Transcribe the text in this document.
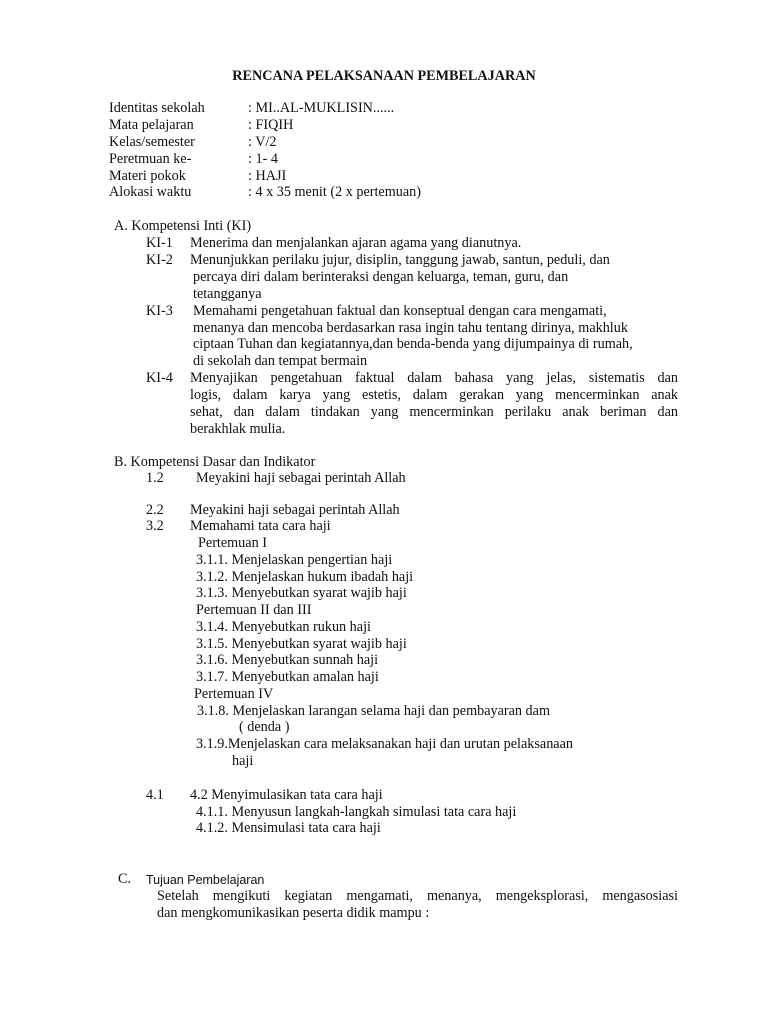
RENCANA PELAKSANAAN PEMBELAJARAN
Identitas sekolah	: MI..AL-MUKLISIN......
Mata pelajaran	: FIQIH
Kelas/semester	: V/2
Peretmuan ke-	: 1- 4
Materi pokok	: HAJI
Alokasi waktu	: 4 x 35 menit (2 x pertemuan)
A. Kompetensi Inti (KI)
KI-1 Menerima dan menjalankan ajaran agama yang dianutnya.
KI-2 Menunjukkan perilaku jujur, disiplin, tanggung jawab, santun, peduli, dan
percaya diri dalam berinteraksi dengan keluarga, teman, guru, dan
tetangganya
KI-3 Memahami pengetahuan faktual dan konseptual dengan cara mengamati,
menanya dan mencoba berdasarkan rasa ingin tahu tentang dirinya, makhluk
ciptaan Tuhan dan kegiatannya,dan benda-benda yang dijumpainya di rumah,
di sekolah dan tempat bermain
KI-4 Menyajikan pengetahuan faktual dalam bahasa yang jelas, sistematis dan
logis, dalam karya yang estetis, dalam gerakan yang mencerminkan anak
sehat, dan dalam tindakan yang mencerminkan perilaku anak beriman dan
berakhlak mulia.
B. Kompetensi Dasar dan Indikator
1.2 Meyakini haji sebagai perintah Allah
2.2 Meyakini haji sebagai perintah Allah
3.2 Memahami tata cara haji
Pertemuan I
3.1.1. Menjelaskan pengertian haji
3.1.2. Menjelaskan hukum ibadah haji
3.1.3. Menyebutkan syarat wajib haji
Pertemuan II dan III
3.1.4. Menyebutkan rukun haji
3.1.5. Menyebutkan syarat wajib haji
3.1.6. Menyebutkan sunnah haji
3.1.7. Menyebutkan amalan haji
Pertemuan IV
3.1.8. Menjelaskan larangan selama haji dan pembayaran dam
( denda )
3.1.9.Menjelaskan cara melaksanakan haji dan urutan pelaksanaan
haji
4.1 4.2 Menyimulasikan tata cara haji
4.1.1. Menyusun langkah-langkah simulasi tata cara haji
4.1.2. Mensimulasi tata cara haji
C. Tujuan Pembelajaran
Setelah mengikuti kegiatan mengamati, menanya, mengeksplorasi, mengasosiasi
dan mengkomunikasikan peserta didik mampu :
